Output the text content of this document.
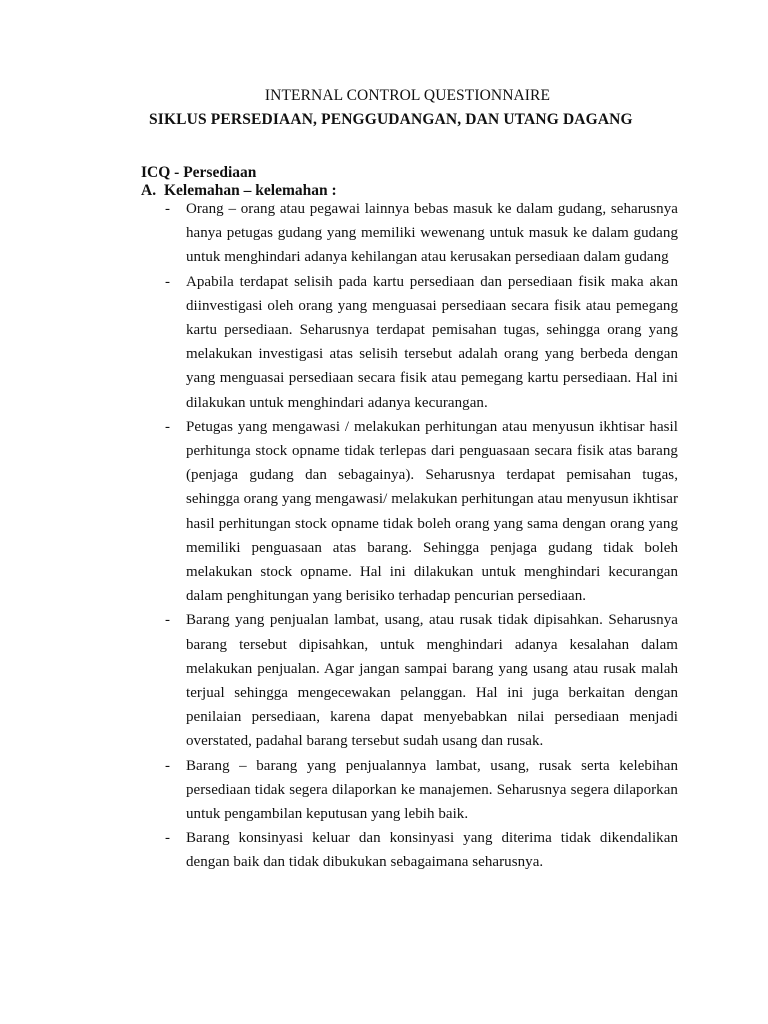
INTERNAL CONTROL QUESTIONNAIRE
SIKLUS PERSEDIAAN, PENGGUDANGAN, DAN UTANG DAGANG
ICQ - Persediaan
A. Kelemahan – kelemahan :
- Orang – orang atau pegawai lainnya bebas masuk ke dalam gudang, seharusnya hanya petugas gudang yang memiliki wewenang untuk masuk ke dalam gudang untuk menghindari adanya kehilangan atau kerusakan persediaan dalam gudang

- Apabila terdapat selisih pada kartu persediaan dan persediaan fisik maka akan diinvestigasi oleh orang yang menguasai persediaan secara fisik atau pemegang kartu persediaan. Seharusnya terdapat pemisahan tugas, sehingga orang yang melakukan investigasi atas selisih tersebut adalah orang yang berbeda dengan yang menguasai persediaan secara fisik atau pemegang kartu persediaan. Hal ini dilakukan untuk menghindari adanya kecurangan.

- Petugas yang mengawasi / melakukan perhitungan atau menyusun ikhtisar hasil perhitunga stock opname tidak terlepas dari penguasaan secara fisik atas barang (penjaga gudang dan sebagainya). Seharusnya terdapat pemisahan tugas, sehingga orang yang mengawasi/ melakukan perhitungan atau menyusun ikhtisar hasil perhitungan stock opname tidak boleh orang yang sama dengan orang yang memiliki penguasaan atas barang. Sehingga penjaga gudang tidak boleh melakukan stock opname. Hal ini dilakukan untuk menghindari kecurangan dalam penghitungan yang berisiko terhadap pencurian persediaan.

- Barang yang penjualan lambat, usang, atau rusak tidak dipisahkan. Seharusnya barang tersebut dipisahkan, untuk menghindari adanya kesalahan dalam melakukan penjualan. Agar jangan sampai barang yang usang atau rusak malah terjual sehingga mengecewakan pelanggan. Hal ini juga berkaitan dengan penilaian persediaan, karena dapat menyebabkan nilai persediaan menjadi overstated, padahal barang tersebut sudah usang dan rusak.

- Barang – barang yang penjualannya lambat, usang, rusak serta kelebihan persediaan tidak segera dilaporkan ke manajemen. Seharusnya segera dilaporkan untuk pengambilan keputusan yang lebih baik.

- Barang konsinyasi keluar dan konsinyasi yang diterima tidak dikendalikan dengan baik dan tidak dibukukan sebagaimana seharusnya.
